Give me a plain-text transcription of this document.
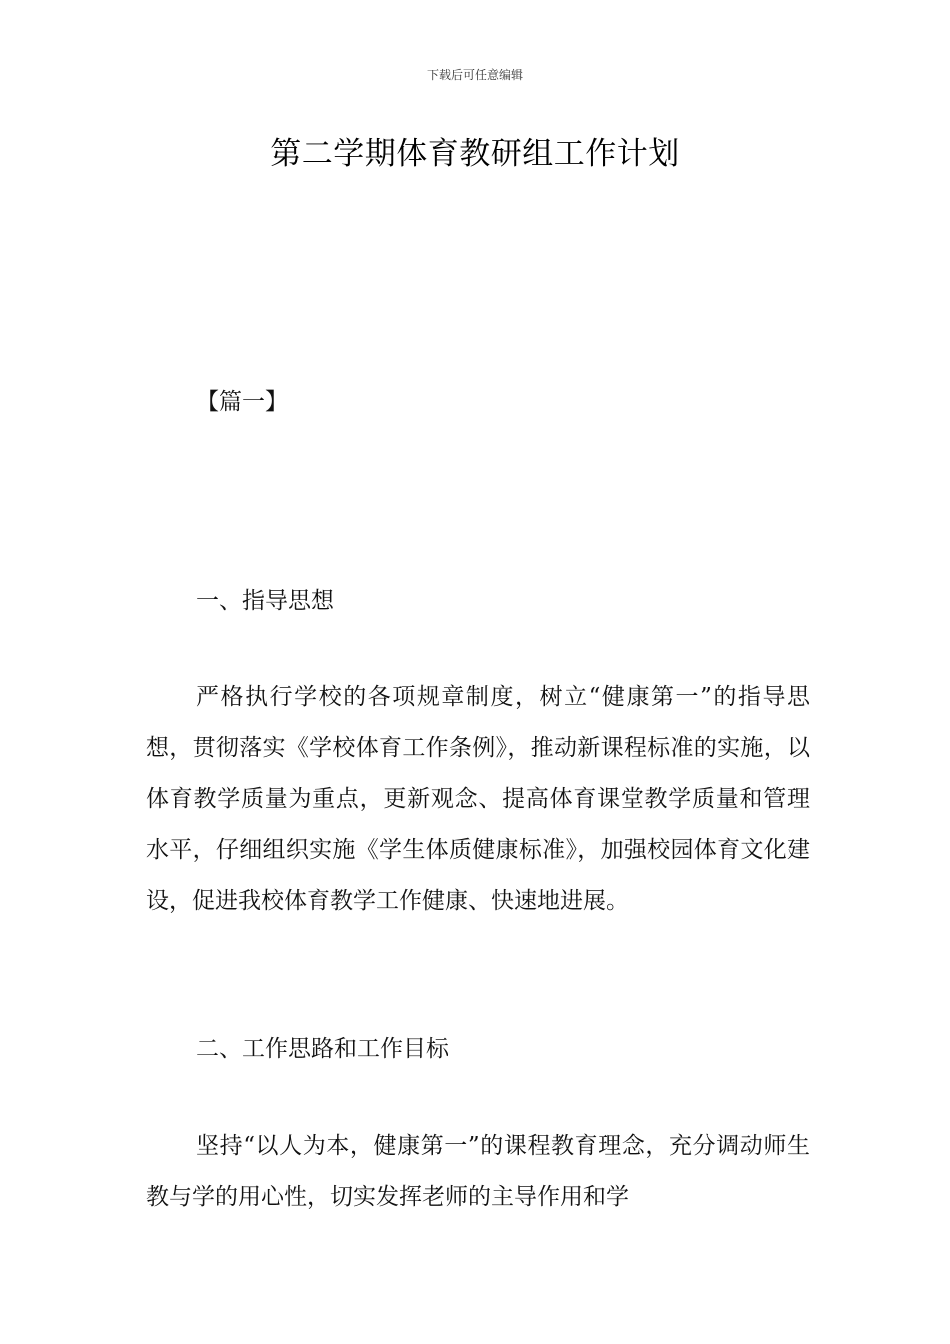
下载后可任意编辑
第二学期体育教研组工作计划
【篇一】
一、指导思想

严格执行学校的各项规章制度，树立“健康第一”的指导思想，贯彻落实《学校体育工作条例》，推动新课程标准的实施，以体育教学质量为重点，更新观念、提高体育课堂教学质量和管理水平，仔细组织实施《学生体质健康标准》，加强校园体育文化建设，促进我校体育教学工作健康、快速地进展。

二、工作思路和工作目标

坚持“以人为本，健康第一”的课程教育理念，充分调动师生教与学的用心性，切实发挥老师的主导作用和学
